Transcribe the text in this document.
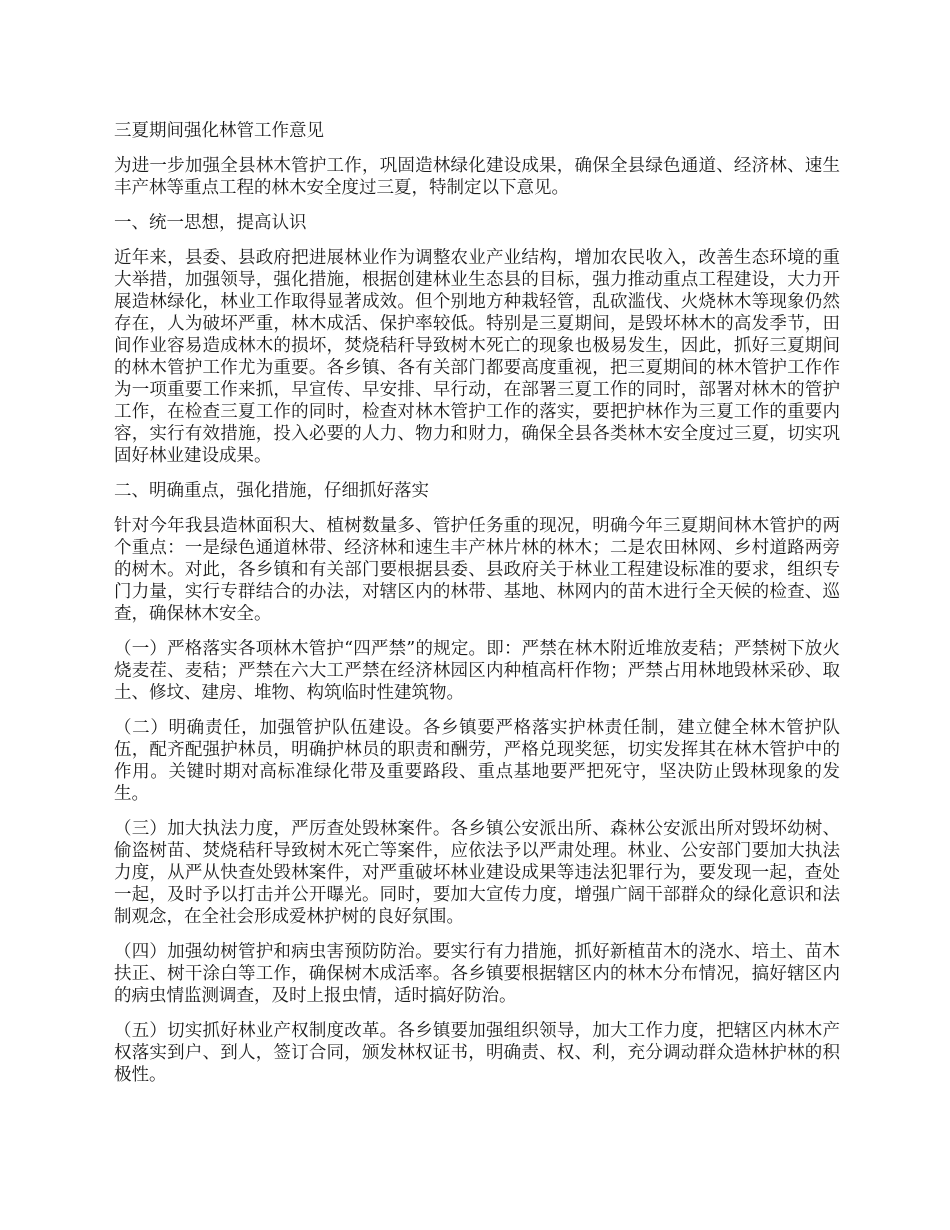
三夏期间强化林管工作意见

为进一步加强全县林木管护工作，巩固造林绿化建设成果，确保全县绿色通道、经济林、速生丰产林等重点工程的林木安全度过三夏，特制定以下意见。

一、统一思想，提高认识

近年来，县委、县政府把进展林业作为调整农业产业结构，增加农民收入，改善生态环境的重大举措，加强领导，强化措施，根据创建林业生态县的目标，强力推动重点工程建设，大力开展造林绿化，林业工作取得显著成效。但个别地方种栽轻管，乱砍滥伐、火烧林木等现象仍然存在，人为破坏严重，林木成活、保护率较低。特别是三夏期间，是毁坏林木的高发季节，田间作业容易造成林木的损坏，焚烧秸秆导致树木死亡的现象也极易发生，因此，抓好三夏期间的林木管护工作尤为重要。各乡镇、各有关部门都要高度重视，把三夏期间的林木管护工作作为一项重要工作来抓，早宣传、早安排、早行动，在部署三夏工作的同时，部署对林木的管护工作，在检查三夏工作的同时，检查对林木管护工作的落实，要把护林作为三夏工作的重要内容，实行有效措施，投入必要的人力、物力和财力，确保全县各类林木安全度过三夏，切实巩固好林业建设成果。

二、明确重点，强化措施，仔细抓好落实

针对今年我县造林面积大、植树数量多、管护任务重的现况，明确今年三夏期间林木管护的两个重点：一是绿色通道林带、经济林和速生丰产林片林的林木；二是农田林网、乡村道路两旁的树木。对此，各乡镇和有关部门要根据县委、县政府关于林业工程建设标准的要求，组织专门力量，实行专群结合的办法，对辖区内的林带、基地、林网内的苗木进行全天候的检查、巡查，确保林木安全。

（一）严格落实各项林木管护“四严禁”的规定。即：严禁在林木附近堆放麦秸；严禁树下放火烧麦茬、麦秸；严禁在六大工严禁在经济林园区内种植高杆作物；严禁占用林地毁林采砂、取土、修坟、建房、堆物、构筑临时性建筑物。

（二）明确责任，加强管护队伍建设。各乡镇要严格落实护林责任制，建立健全林木管护队伍，配齐配强护林员，明确护林员的职责和酬劳，严格兑现奖惩，切实发挥其在林木管护中的作用。关键时期对高标准绿化带及重要路段、重点基地要严把死守，坚决防止毁林现象的发生。

（三）加大执法力度，严厉查处毁林案件。各乡镇公安派出所、森林公安派出所对毁坏幼树、偷盗树苗、焚烧秸秆导致树木死亡等案件，应依法予以严肃处理。林业、公安部门要加大执法力度，从严从快查处毁林案件，对严重破坏林业建设成果等违法犯罪行为，要发现一起，查处一起，及时予以打击并公开曝光。同时，要加大宣传力度，增强广阔干部群众的绿化意识和法制观念，在全社会形成爱林护树的良好氛围。

（四）加强幼树管护和病虫害预防防治。要实行有力措施，抓好新植苗木的浇水、培土、苗木扶正、树干涂白等工作，确保树木成活率。各乡镇要根据辖区内的林木分布情况，搞好辖区内的病虫情监测调查，及时上报虫情，适时搞好防治。

（五）切实抓好林业产权制度改革。各乡镇要加强组织领导，加大工作力度，把辖区内林木产权落实到户、到人，签订合同，颁发林权证书，明确责、权、利，充分调动群众造林护林的积极性。
